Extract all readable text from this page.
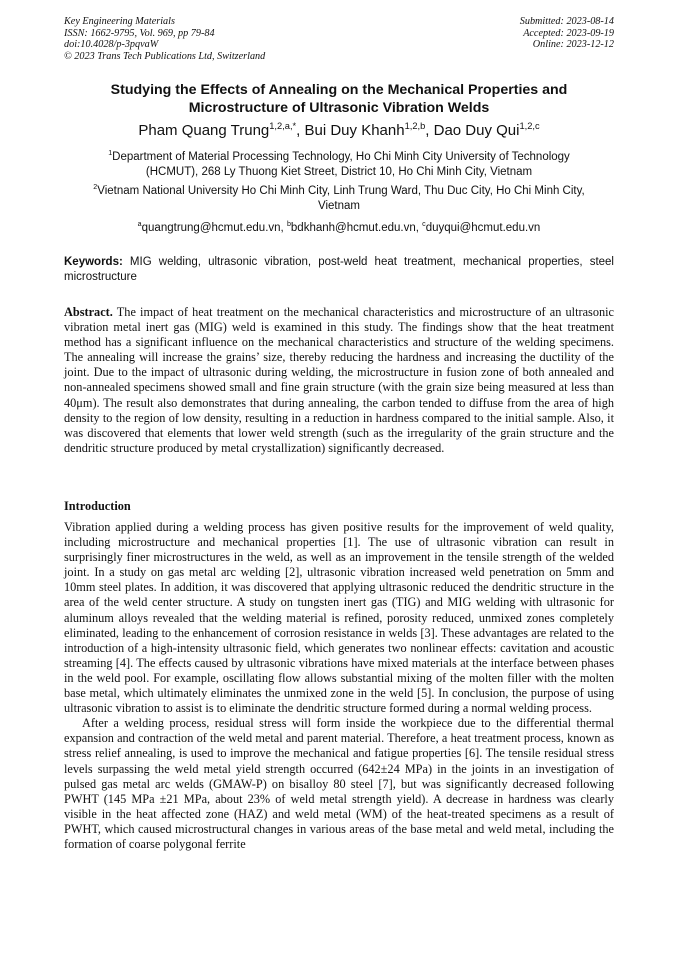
Key Engineering Materials
ISSN: 1662-9795, Vol. 969, pp 79-84
doi:10.4028/p-3pqvaW
© 2023 Trans Tech Publications Ltd, Switzerland
Submitted: 2023-08-14
Accepted: 2023-09-19
Online: 2023-12-12
Studying the Effects of Annealing on the Mechanical Properties and
Microstructure of Ultrasonic Vibration Welds
Pham Quang Trung$^{1,2,a,*}$, Bui Duy Khanh$^{1,2,b}$, Dao Duy Qui$^{1,2,c}$
$^1$Department of Material Processing Technology, Ho Chi Minh City University of Technology
(HCMUT), 268 Ly Thuong Kiet Street, District 10, Ho Chi Minh City, Vietnam
$^2$Vietnam National University Ho Chi Minh City, Linh Trung Ward, Thu Duc City, Ho Chi Minh City,
Vietnam
$^a$quangtrung@hcmut.edu.vn, $^b$bdkhanh@hcmut.edu.vn, $^c$duyqui@hcmut.edu.vn
Keywords: MIG welding, ultrasonic vibration, post-weld heat treatment, mechanical properties, steel microstructure
Abstract. The impact of heat treatment on the mechanical characteristics and microstructure of an ultrasonic vibration metal inert gas (MIG) weld is examined in this study. The findings show that the heat treatment method has a significant influence on the mechanical characteristics and structure of the welding specimens. The annealing will increase the grains’ size, thereby reducing the hardness and increasing the ductility of the joint. Due to the impact of ultrasonic during welding, the microstructure in fusion zone of both annealed and non-annealed specimens showed small and fine grain structure (with the grain size being measured at less than 40μm). The result also demonstrates that during annealing, the carbon tended to diffuse from the area of high density to the region of low density, resulting in a reduction in hardness compared to the initial sample. Also, it was discovered that elements that lower weld strength (such as the irregularity of the grain structure and the dendritic structure produced by metal crystallization) significantly decreased.
Introduction

Vibration applied during a welding process has given positive results for the improvement of weld quality, including microstructure and mechanical properties [1]. The use of ultrasonic vibration can result in surprisingly finer microstructures in the weld, as well as an improvement in the tensile strength of the welded joint. In a study on gas metal arc welding [2], ultrasonic vibration increased weld penetration on 5mm and 10mm steel plates. In addition, it was discovered that applying ultrasonic reduced the dendritic structure in the area of the weld center structure. A study on tungsten inert gas (TIG) and MIG welding with ultrasonic for aluminum alloys revealed that the welding material is refined, porosity reduced, unmixed zones completely eliminated, leading to the enhancement of corrosion resistance in welds [3]. These advantages are related to the introduction of a high-intensity ultrasonic field, which generates two nonlinear effects: cavitation and acoustic streaming [4]. The effects caused by ultrasonic vibrations have mixed materials at the interface between phases in the weld pool. For example, oscillating flow allows substantial mixing of the molten filler with the molten base metal, which ultimately eliminates the unmixed zone in the weld [5]. In conclusion, the purpose of using ultrasonic vibration to assist is to eliminate the dendritic structure formed during a normal welding process.

After a welding process, residual stress will form inside the workpiece due to the differential thermal expansion and contraction of the weld metal and parent material. Therefore, a heat treatment process, known as stress relief annealing, is used to improve the mechanical and fatigue properties [6]. The tensile residual stress levels surpassing the weld metal yield strength occurred (642±24 MPa) in the joints in an investigation of pulsed gas metal arc welds (GMAW-P) on bisalloy 80 steel [7], but was significantly decreased following PWHT (145 MPa ±21 MPa, about 23% of weld metal strength yield). A decrease in hardness was clearly visible in the heat affected zone (HAZ) and weld metal (WM) of the heat-treated specimens as a result of PWHT, which caused microstructural changes in various areas of the base metal and weld metal, including the formation of coarse polygonal ferrite
